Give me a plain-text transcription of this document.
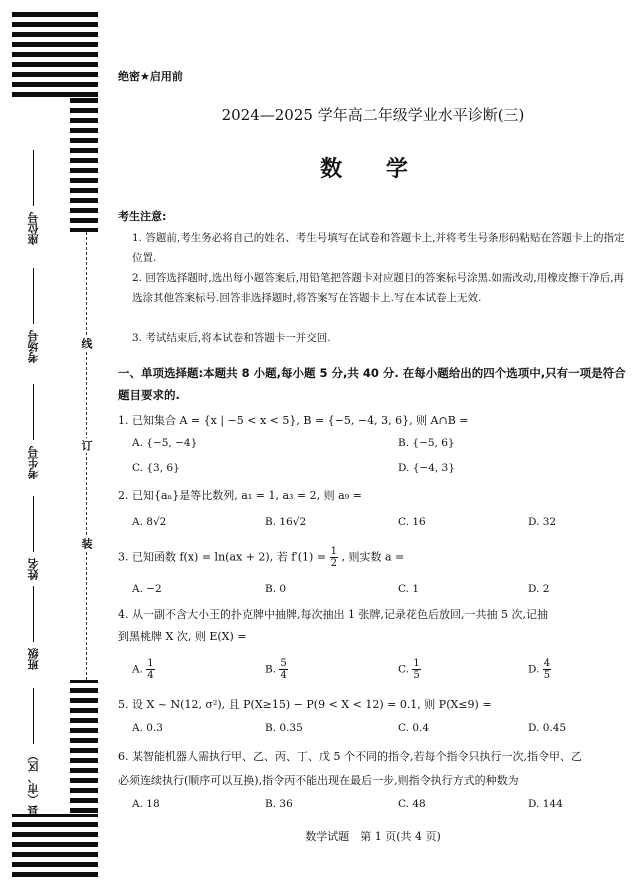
线
订
装
县（市、区）
班级
姓名
考生号
考场号
座位号
绝密★启用前
2024—2025 学年高二年级学业水平诊断(三)
数 学
考生注意:
1. 答题前,考生务必将自己的姓名、考生号填写在试卷和答题卡上,并将考生号条形码粘贴在答题卡上的指定位置.
2. 回答选择题时,选出每小题答案后,用铅笔把答题卡对应题目的答案标号涂黑.如需改动,用橡皮擦干净后,再选涂其他答案标号.回答非选择题时,将答案写在答题卡上.写在本试卷上无效.
3. 考试结束后,将本试卷和答题卡一并交回.
一、单项选择题:本题共 8 小题,每小题 5 分,共 40 分. 在每小题给出的四个选项中,只有一项是符合题目要求的.
1. 已知集合 A = {x | −5 < x < 5}, B = {−5, −4, 3, 6}, 则 A∩B =
A. {−5, −4}	B. {−5, 6}
C. {3, 6}	D. {−4, 3}
2. 已知{aₙ}是等比数列, a₁ = 1, a₃ = 2, 则 a₉ =
A. 8√2	B. 16√2	C. 16	D. 32
3. 已知函数 f(x) = ln(ax + 2), 若 $f'(1) = \frac{1}{2}$ , 则实数 a =
A. −2	B. 0	C. 1	D. 2
4. 从一副不含大小王的扑克牌中抽牌,每次抽出 1 张牌,记录花色后放回,一共抽 5 次,记抽
到黑桃牌 X 次, 则 E(X) =
A. $\frac{1}{4}$	B. $\frac{5}{4}$	C. $\frac{1}{5}$	D. $\frac{4}{5}$
5. 设 X ~ N(12, σ²), 且 P(X≥15) − P(9 < X < 12) = 0.1, 则 P(X≤9) =
A. 0.3	B. 0.35	C. 0.4	D. 0.45
6. 某智能机器人需执行甲、乙、丙、丁、戊 5 个不同的指令,若每个指令只执行一次,指令甲、乙
必须连续执行(顺序可以互换),指令丙不能出现在最后一步,则指令执行方式的种数为
A. 18	B. 36	C. 48	D. 144
数学试题　第 1 页(共 4 页)
